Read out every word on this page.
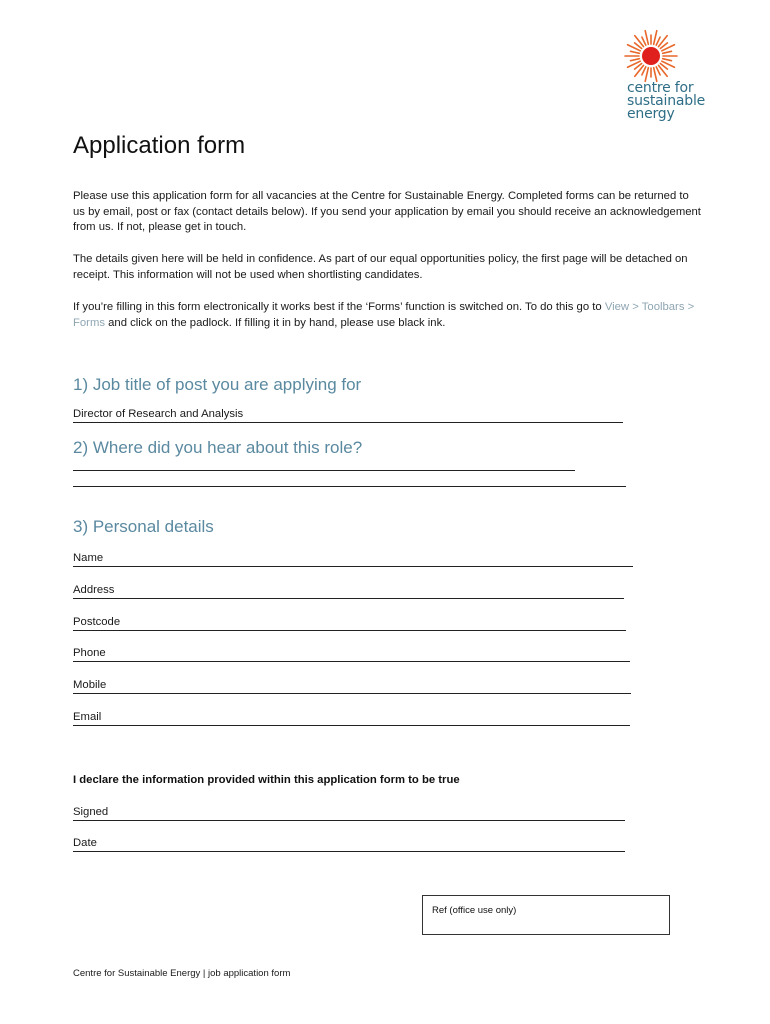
centre for
sustainable
energy
Application form

Please use this application form for all vacancies at the Centre for Sustainable Energy. Completed forms can be returned to us by email, post or fax (contact details below). If you send your application by email you should receive an acknowledgement from us. If not, please get in touch.

The details given here will be held in confidence. As part of our equal opportunities policy, the first page will be detached on receipt. This information will not be used when shortlisting candidates.

If you’re filling in this form electronically it works best if the ‘Forms’ function is switched on. To do this go to View > Toolbars > Forms and click on the padlock. If filling it in by hand, please use black ink.

1) Job title of post you are applying for
Director of Research and Analysis
2) Where did you hear about this role?
3) Personal details
Name
Address
Postcode
Phone
Mobile
Email

I declare the information provided within this application form to be true

Signed
Date
Ref (office use only)
Centre for Sustainable Energy | job application form
